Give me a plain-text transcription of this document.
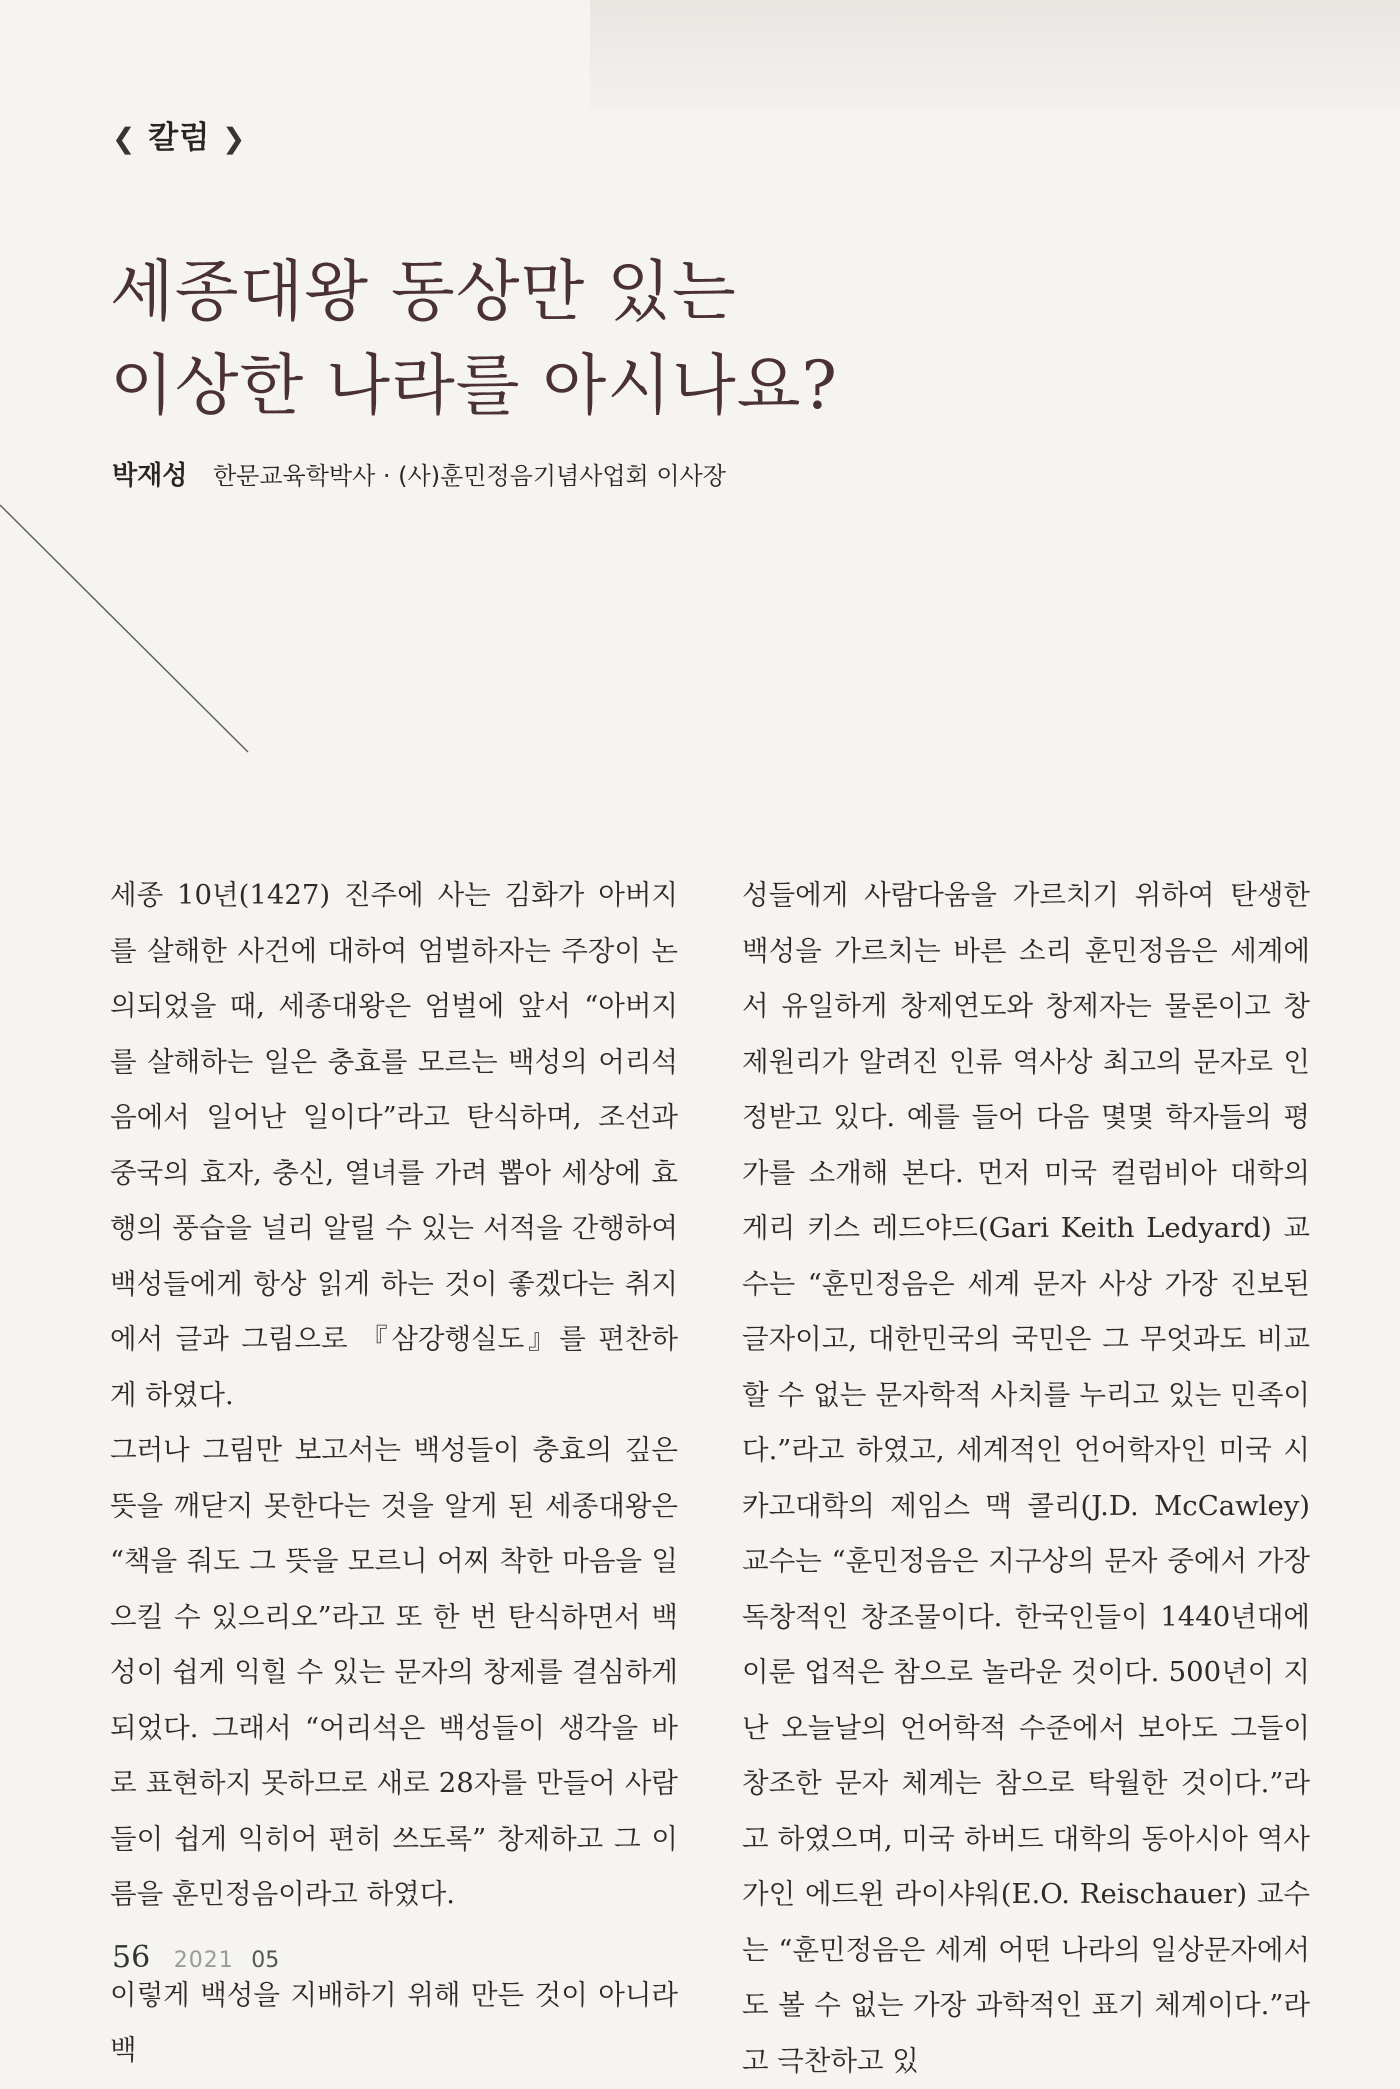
❮ 칼럼 ❯
세종대왕 동상만 있는
이상한 나라를 아시나요?
박재성 한문교육학박사 · (사)훈민정음기념사업회 이사장

세종 10년(1427) 진주에 사는 김화가 아버지를 살해한 사건에 대하여 엄벌하자는 주장이 논의되었을 때, 세종대왕은 엄벌에 앞서 “아버지를 살해하는 일은 충효를 모르는 백성의 어리석음에서 일어난 일이다”라고 탄식하며, 조선과 중국의 효자, 충신, 열녀를 가려 뽑아 세상에 효행의 풍습을 널리 알릴 수 있는 서적을 간행하여 백성들에게 항상 읽게 하는 것이 좋겠다는 취지에서 글과 그림으로 『삼강행실도』를 편찬하게 하였다.

그러나 그림만 보고서는 백성들이 충효의 깊은 뜻을 깨닫지 못한다는 것을 알게 된 세종대왕은 “책을 줘도 그 뜻을 모르니 어찌 착한 마음을 일으킬 수 있으리오”라고 또 한 번 탄식하면서 백성이 쉽게 익힐 수 있는 문자의 창제를 결심하게 되었다. 그래서 “어리석은 백성들이 생각을 바로 표현하지 못하므로 새로 28자를 만들어 사람들이 쉽게 익히어 편히 쓰도록” 창제하고 그 이름을 훈민정음이라고 하였다.

이렇게 백성을 지배하기 위해 만든 것이 아니라 백

성들에게 사람다움을 가르치기 위하여 탄생한 백성을 가르치는 바른 소리 훈민정음은 세계에서 유일하게 창제연도와 창제자는 물론이고 창제원리가 알려진 인류 역사상 최고의 문자로 인정받고 있다. 예를 들어 다음 몇몇 학자들의 평가를 소개해 본다. 먼저 미국 컬럼비아 대학의 게리 키스 레드야드(Gari Keith Ledyard) 교수는 “훈민정음은 세계 문자 사상 가장 진보된 글자이고, 대한민국의 국민은 그 무엇과도 비교할 수 없는 문자학적 사치를 누리고 있는 민족이다.”라고 하였고, 세계적인 언어학자인 미국 시카고대학의 제임스 맥 콜리(J.D. McCawley) 교수는 “훈민정음은 지구상의 문자 중에서 가장 독창적인 창조물이다. 한국인들이 1440년대에 이룬 업적은 참으로 놀라운 것이다. 500년이 지난 오늘날의 언어학적 수준에서 보아도 그들이 창조한 문자 체계는 참으로 탁월한 것이다.”라고 하였으며, 미국 하버드 대학의 동아시아 역사가인 에드윈 라이샤워(E.O. Reischauer) 교수는 “훈민정음은 세계 어떤 나라의 일상문자에서도 볼 수 없는 가장 과학적인 표기 체계이다.”라고 극찬하고 있

56 2021 05
